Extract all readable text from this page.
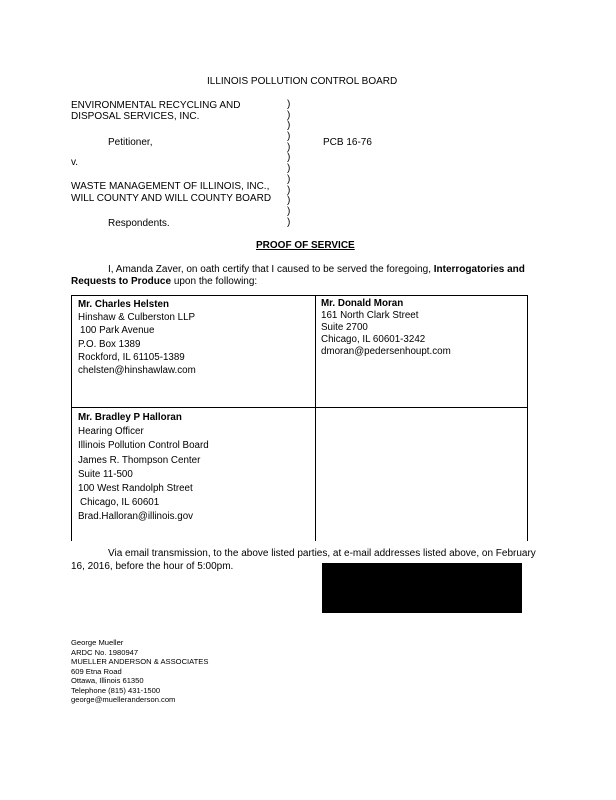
ILLINOIS POLLUTION CONTROL BOARD
ENVIRONMENTAL RECYCLING AND
DISPOSAL SERVICES, INC.
Petitioner,
v.
WASTE MANAGEMENT OF ILLINOIS, INC.,
WILL COUNTY AND WILL COUNTY BOARD
Respondents.
)
)
)
)
)
)
)
)
)
)
)
)
PCB 16-76
PROOF OF SERVICE
I, Amanda Zaver, on oath certify that I caused to be served the foregoing, Interrogatories and
Requests to Produce upon the following:
Mr. Charles Helsten
Hinshaw & Culberston LLP
100 Park Avenue
P.O. Box 1389
Rockford, IL 61105-1389
chelsten@hinshawlaw.com
Mr. Donald Moran
161 North Clark Street
Suite 2700
Chicago, IL 60601-3242
dmoran@pedersenhoupt.com
Mr. Bradley P Halloran
Hearing Officer
Illinois Pollution Control Board
James R. Thompson Center
Suite 11-500
100 West Randolph Street
Chicago, IL 60601
Brad.Halloran@illinois.gov
Via email transmission, to the above listed parties, at e-mail addresses listed above, on February
16, 2016, before the hour of 5:00pm.
George Mueller
ARDC No. 1980947
MUELLER ANDERSON & ASSOCIATES
609 Etna Road
Ottawa, Illinois 61350
Telephone (815) 431-1500
george@muelleranderson.com
